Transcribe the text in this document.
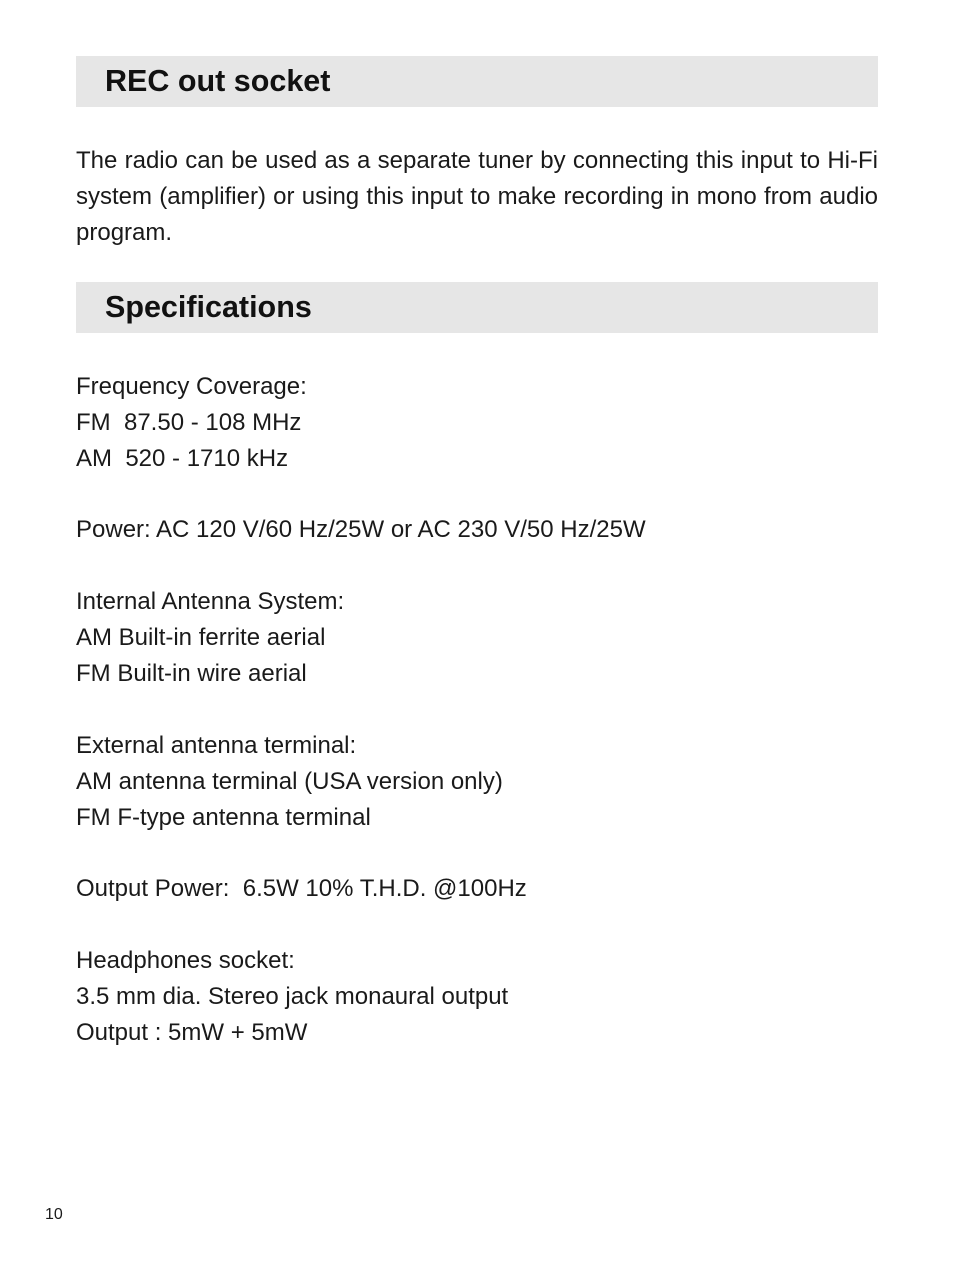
REC out socket

The radio can be used as a separate tuner by connecting this input to Hi-Fi system (amplifier) or using this input to make recording in mono from audio program.

Specifications
Frequency Coverage:
FM  87.50 - 108 MHz
AM  520 - 1710 kHz
Power: AC 120 V/60 Hz/25W or AC 230 V/50 Hz/25W
Internal Antenna System:
AM Built-in ferrite aerial
FM Built-in wire aerial
External antenna terminal:
AM antenna terminal (USA version only)
FM F-type antenna terminal
Output Power:  6.5W 10% T.H.D. @100Hz
Headphones socket:
3.5 mm dia. Stereo jack monaural output
Output : 5mW + 5mW
10
